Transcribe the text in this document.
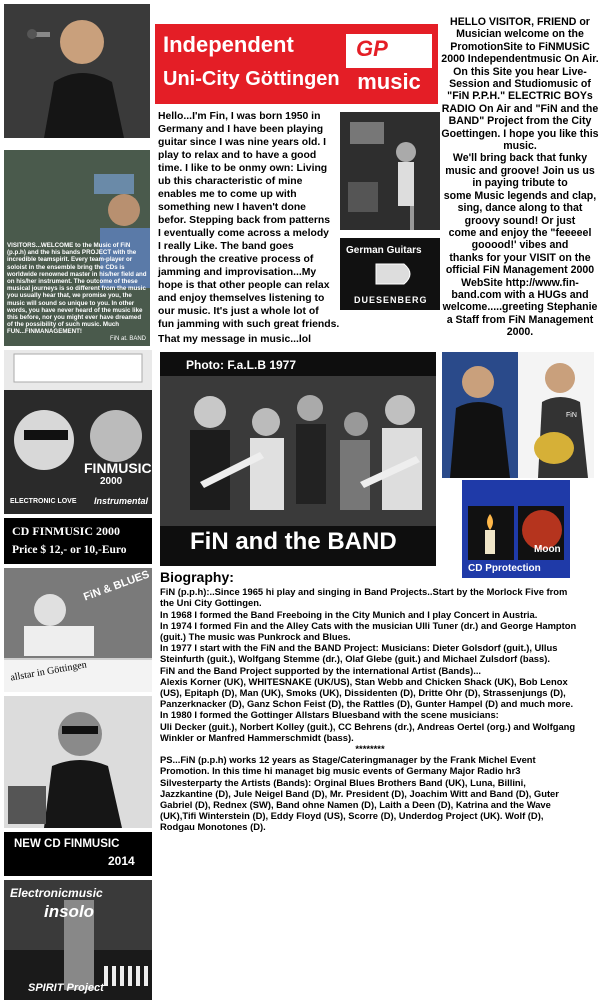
VISITORS...WELCOME to the Music of FiN (p.p.h) and the his bands PROJECT with the incredible teamspirit. Every team-player or soloist in the ensemble bring the CDs is worldwide renowned master in his/her field and on his/her instrument. The outcome of these musical journeys is so different from the music you usually hear that, we promise you, the music will sound so unique to you. In other words, you have never heard of the music like this before, nor you might ever have dreamed of the possibility of such music. Much FUN...FINMANAGEMENT!
FiN at. BAND
FINMUSIC
2000
ELECTRONIC LOVE Instrumental
CD FINMUSIC 2000
Price $ 12,- or 10,-Euro
FiN & BLUES
allstar in Göttingen
NEW CD FINMUSIC
2014
Electronicmusic
insolo
SPIRIT Project
Independent
Uni-City Göttingen
GP
music
HELLO VISITOR, FRIEND or Musician welcome on the PromotionSite to FiNMUSiC 2000 Independentmusic On Air. On this Site you hear Live-Session and Studiomusic of "FiN P.P.H." ELECTRIC BOYs RADIO On Air and "FiN and the BAND" Project from the City Goettingen. I hope you like this music.
We'll bring back that funky music and groove! Join us us in paying tribute to
some Music legends and clap, sing, dance along to that groovy sound! Or just
come and enjoy the "feeeeel gooood!' vibes and
thanks for your VISIT on the official FiN Management 2000 WebSite http://www.fin-band.com with a HUGs and welcome.....greeting Stephanie a Staff from FiN Management 2000.
German Guitars
DUESENBERG
Hello...I'm Fin, I was born 1950 in Germany and I have been playing guitar since I was nine years old. I play to relax and to have a good time. I like to be onmy own: Living ub this characteristic of mine enables me to come up with something new I haven't done befor. Stepping back from patterns I eventually come across a melody I really Like. The band goes through the creative process of jamming and improvisation...My hope is that other people can relax and enjoy themselves listening to our music. It's just a whole lot of fun jamming with such great friends.
That my message in music...lol
Photo: F.a.L.B 1977
FiN and the BAND
FiN
Moon
CD Pprotection
Biography:

FiN (p.p.h):..Since 1965 hi play and singing in Band Projects..Start by the Morlock Five from the Uni City Gottingen.

In 1968 I formed the Band Freeboing in the City Munich and I play Concert in Austria.

In 1974 I formed Fin and the Alley Cats with the musician Ulli Tuner (dr.) and George Hampton (guit.) The music was Punkrock and Blues.

In 1977 I start with the FiN and the BAND Project: Musicians: Dieter Golsdorf (guit.), Ullus Steinfurth (guit.), Wolfgang Stemme (dr.), Olaf Glebe (guit.) and Michael Zulsdorf (bass).

FiN and the Band Project supported by the international Artist (Bands)...

Alexis Korner (UK), WHITESNAKE (UK/US), Stan Webb and Chicken Shack (UK), Bob Lenox (US), Epitaph (D), Man (UK), Smoks (UK), Dissidenten (D), Dritte Ohr (D), Strassenjungs (D), Panzerknacker (D), Ganz Schon Feist (D), the Rattles (D), Gunter Hampel (D) and much more.

In 1980 I formed the Gottinger Allstars Bluesband with the scene musicians:

Uli Decker (guit.), Norbert Kolley (guit.), CC Behrens (dr.), Andreas Oertel (org.) and Wolfgang Winkler or Manfred Hammerschmidt (bass).

********

PS...FiN (p.p.h) works 12 years as Stage/Cateringmanager by the Frank Michel Event Promotion. In this time hi managet big music events of Germany Major Radio hr3 Silvesterparty the Artists (Bands): Orginal Blues Brothers Band (UK), Luna, Billini, Jazzkantine (D), Jule Neigel Band (D), Mr. President (D), Joachim Witt and Band (D), Guter Gabriel (D), Rednex (SW), Band ohne Namen (D), Laith a Deen (D), Katrina and the Wave (UK),Tifi Winterstein (D), Eddy Floyd (US), Scorre (D), Underdog Project (UK). Wolf (D), Rodgau Monotones (D).
